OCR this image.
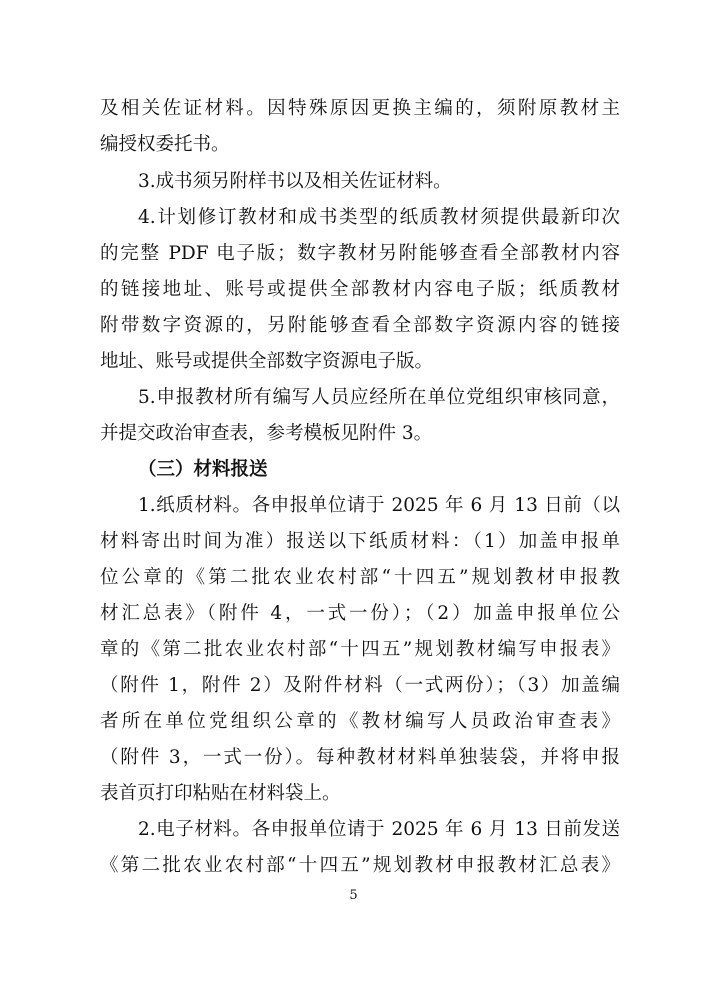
及相关佐证材料。因特殊原因更换主编的，须附原教材主
编授权委托书。
3.成书须另附样书以及相关佐证材料。
4.计划修订教材和成书类型的纸质教材须提供最新印次
的完整 PDF 电子版；数字教材另附能够查看全部教材内容
的链接地址、账号或提供全部教材内容电子版；纸质教材
附带数字资源的，另附能够查看全部数字资源内容的链接
地址、账号或提供全部数字资源电子版。
5.申报教材所有编写人员应经所在单位党组织审核同意，
并提交政治审查表，参考模板见附件 3。
（三）材料报送
1.纸质材料。各申报单位请于 2025 年 6 月 13 日前（以
材料寄出时间为准）报送以下纸质材料：（1）加盖申报单
位公章的《第二批农业农村部“十四五”规划教材申报教
材汇总表》（附件 4，一式一份）；（2）加盖申报单位公
章的《第二批农业农村部“十四五”规划教材编写申报表》
（附件 1，附件 2）及附件材料（一式两份）；（3）加盖编
者所在单位党组织公章的《教材编写人员政治审查表》
（附件 3，一式一份）。每种教材材料单独装袋，并将申报
表首页打印粘贴在材料袋上。
2.电子材料。各申报单位请于 2025 年 6 月 13 日前发送
《第二批农业农村部“十四五”规划教材申报教材汇总表》
5
